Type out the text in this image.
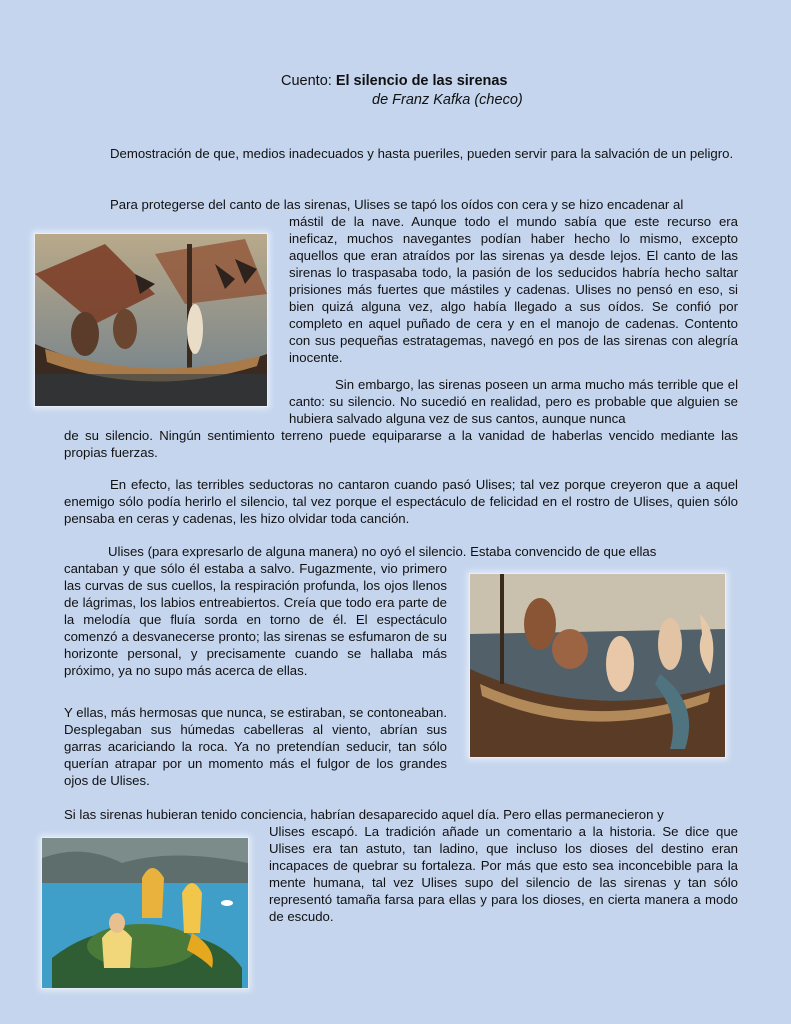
Cuento: El silencio de las sirenas
de Franz Kafka (checo)

Demostración de que, medios inadecuados y hasta pueriles, pueden servir para la salvación de un peligro.

Para protegerse del canto de las sirenas, Ulises se tapó los oídos con cera y se hizo encadenar al

mástil de la nave. Aunque todo el mundo sabía que este recurso era ineficaz, muchos navegantes podían haber hecho lo mismo, excepto aquellos que eran atraídos por las sirenas ya desde lejos. El canto de las sirenas lo traspasaba todo, la pasión de los seducidos habría hecho saltar prisiones más fuertes que mástiles y cadenas. Ulises no pensó en eso, si bien quizá alguna vez, algo había llegado a sus oídos. Se confió por completo en aquel puñado de cera y en el manojo de cadenas. Contento con sus pequeñas estratagemas, navegó en pos de las sirenas con alegría inocente.

Sin embargo, las sirenas poseen un arma mucho más terrible que el canto: su silencio. No sucedió en realidad, pero es probable que alguien se hubiera salvado alguna vez de sus cantos, aunque nunca

de su silencio. Ningún sentimiento terreno puede equipararse a la vanidad de haberlas vencido mediante las propias fuerzas.

En efecto, las terribles seductoras no cantaron cuando pasó Ulises; tal vez porque creyeron que a aquel enemigo sólo podía herirlo el silencio, tal vez porque el espectáculo de felicidad en el rostro de Ulises, quien sólo pensaba en ceras y cadenas, les hizo olvidar toda canción.

Ulises (para expresarlo de alguna manera) no oyó el silencio. Estaba convencido de que ellas

cantaban y que sólo él estaba a salvo. Fugazmente, vio primero las curvas de sus cuellos, la respiración profunda, los ojos llenos de lágrimas, los labios entreabiertos. Creía que todo era parte de la melodía que fluía sorda en torno de él. El espectáculo comenzó a desvanecerse pronto; las sirenas se esfumaron de su horizonte personal, y precisamente cuando se hallaba más próximo, ya no supo más acerca de ellas.

Y ellas, más hermosas que nunca, se estiraban, se contoneaban. Desplegaban sus húmedas cabelleras al viento, abrían sus garras acariciando la roca. Ya no pretendían seducir, tan sólo querían atrapar por un momento más el fulgor de los grandes ojos de Ulises.

Si las sirenas hubieran tenido conciencia, habrían desaparecido aquel día. Pero ellas permanecieron y

Ulises escapó. La tradición añade un comentario a la historia. Se dice que Ulises era tan astuto, tan ladino, que incluso los dioses del destino eran incapaces de quebrar su fortaleza. Por más que esto sea inconcebible para la mente humana, tal vez Ulises supo del silencio de las sirenas y tan sólo representó tamaña farsa para ellas y para los dioses, en cierta manera a modo de escudo.
